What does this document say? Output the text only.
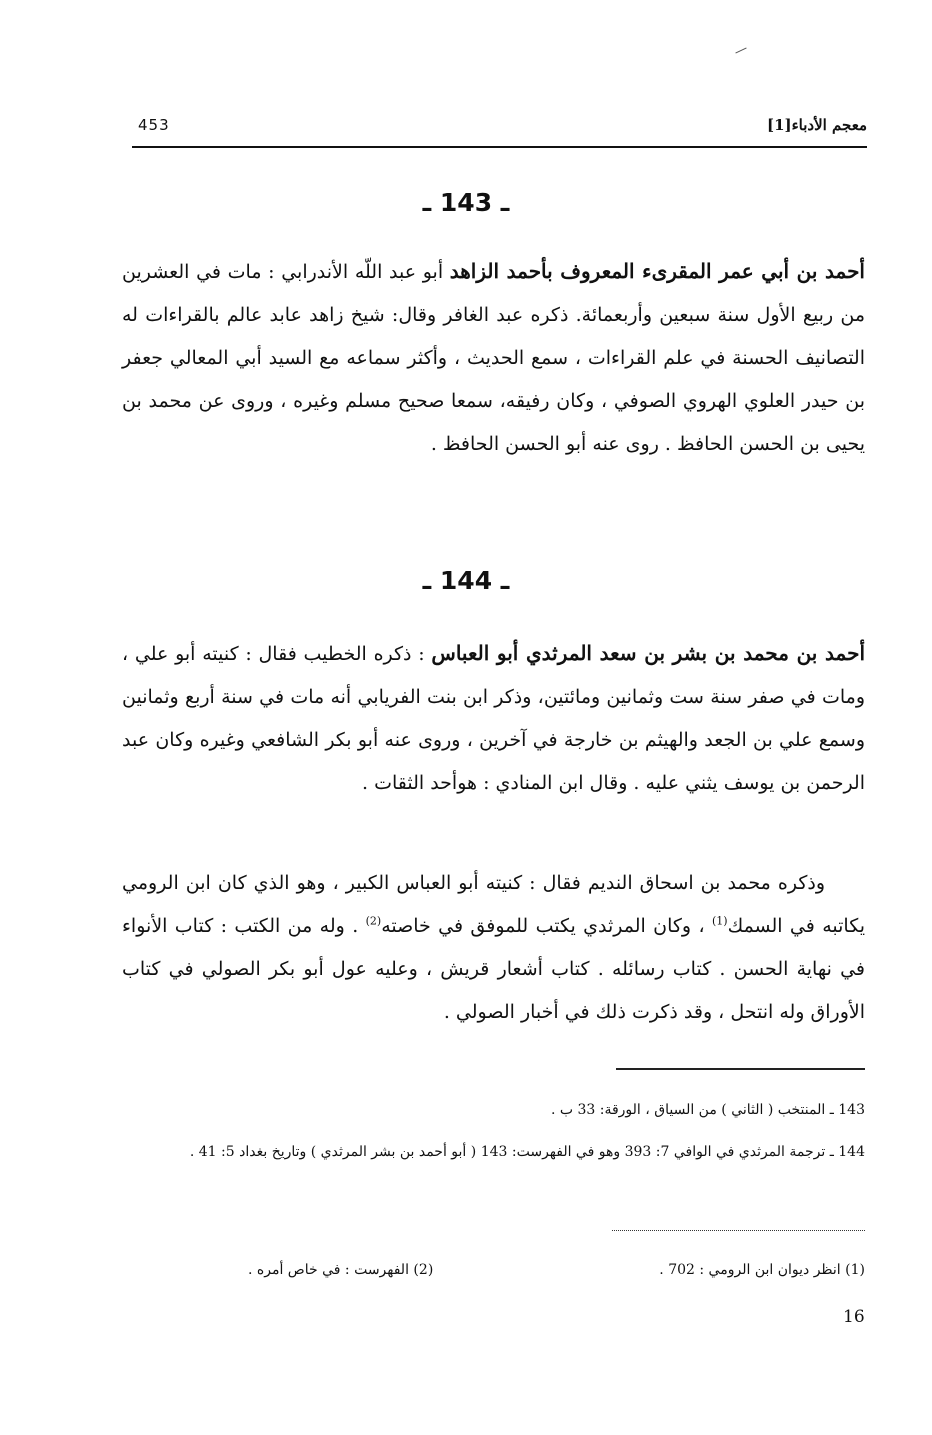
453	معجم الأدباء[1]
ـ 143 ـ
أحمد بن أبي عمر المقرىء المعروف بأحمد الزاهد أبو عبد اللّه الأندرابي : مات في العشرين من ربيع الأول سنة سبعين وأربعمائة. ذكره عبد الغافر وقال: شيخ زاهد عابد عالم بالقراءات له التصانيف الحسنة في علم القراءات ، سمع الحديث ، وأكثر سماعه مع السيد أبي المعالي جعفر بن حيدر العلوي الهروي الصوفي ، وكان رفيقه، سمعا صحيح مسلم وغيره ، وروى عن محمد بن يحيى بن الحسن الحافظ . روى عنه أبو الحسن الحافظ .
ـ 144 ـ
أحمد بن محمد بن بشر بن سعد المرثدي أبو العباس : ذكره الخطيب فقال : كنيته أبو علي ، ومات في صفر سنة ست وثمانين ومائتين، وذكر ابن بنت الفريابي أنه مات في سنة أربع وثمانين وسمع علي بن الجعد والهيثم بن خارجة في آخرين ، وروى عنه أبو بكر الشافعي وغيره وكان عبد الرحمن بن يوسف يثني عليه . وقال ابن المنادي : هوأحد الثقات .
وذكره محمد بن اسحاق النديم فقال : كنيته أبو العباس الكبير ، وهو الذي كان ابن الرومي يكاتبه في السمك$^{(1)}$ ، وكان المرثدي يكتب للموفق في خاصته$^{(2)}$ . وله من الكتب : كتاب الأنواء في نهاية الحسن . كتاب رسائله . كتاب أشعار قريش ، وعليه عول أبو بكر الصولي في كتاب الأوراق وله انتحل ، وقد ذكرت ذلك في أخبار الصولي .
143 ـ المنتخب ( الثاني ) من السياق ، الورقة: 33 ب .
144 ـ ترجمة المرثدي في الوافي 7: 393 وهو في الفهرست: 143 ( أبو أحمد بن بشر المرثدي ) وتاريخ بغداد 5: 41 .
(1) انظر ديوان ابن الرومي : 702 .
(2) الفهرست : في خاص أمره .
16
